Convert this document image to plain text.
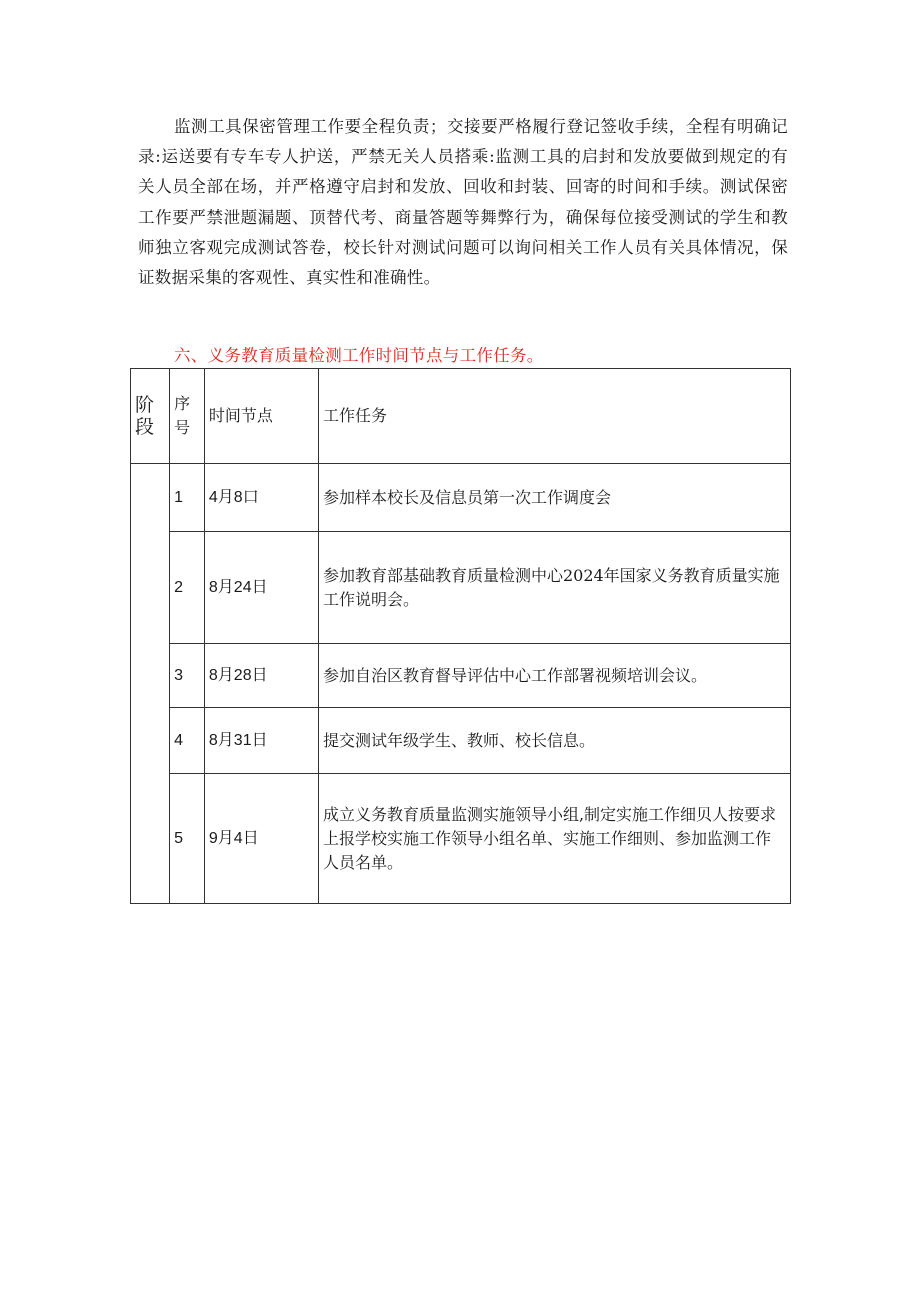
监测工具保密管理工作要全程负责；交接要严格履行登记签收手续，全程有明确记录:运送要有专车专人护送，严禁无关人员搭乘:监测工具的启封和发放要做到规定的有关人员全部在场，并严格遵守启封和发放、回收和封装、回寄的时间和手续。测试保密工作要严禁泄题漏题、顶替代考、商量答题等舞弊行为，确保每位接受测试的学生和教师独立客观完成测试答卷，校长针对测试问题可以询问相关工作人员有关具体情况，保证数据采集的客观性、真实性和准确性。

六、义务教育质量检测工作时间节点与工作任务。

阶段	序号	时间节点	工作任务
	1	4月8口	参加样本校长及信息员第一次工作调度会
	2	8月24日	参加教育部基础教育质量检测中心2024年国家义务教育质量实施工作说明会。
	3	8月28日	参加自治区教育督导评估中心工作部署视频培训会议。
	4	8月31日	提交测试年级学生、教师、校长信息。
	5	9月4日	成立义务教育质量监测实施领导小组,制定实施工作细贝人按要求上报学校实施工作领导小组名单、实施工作细则、参加监测工作人员名单。
